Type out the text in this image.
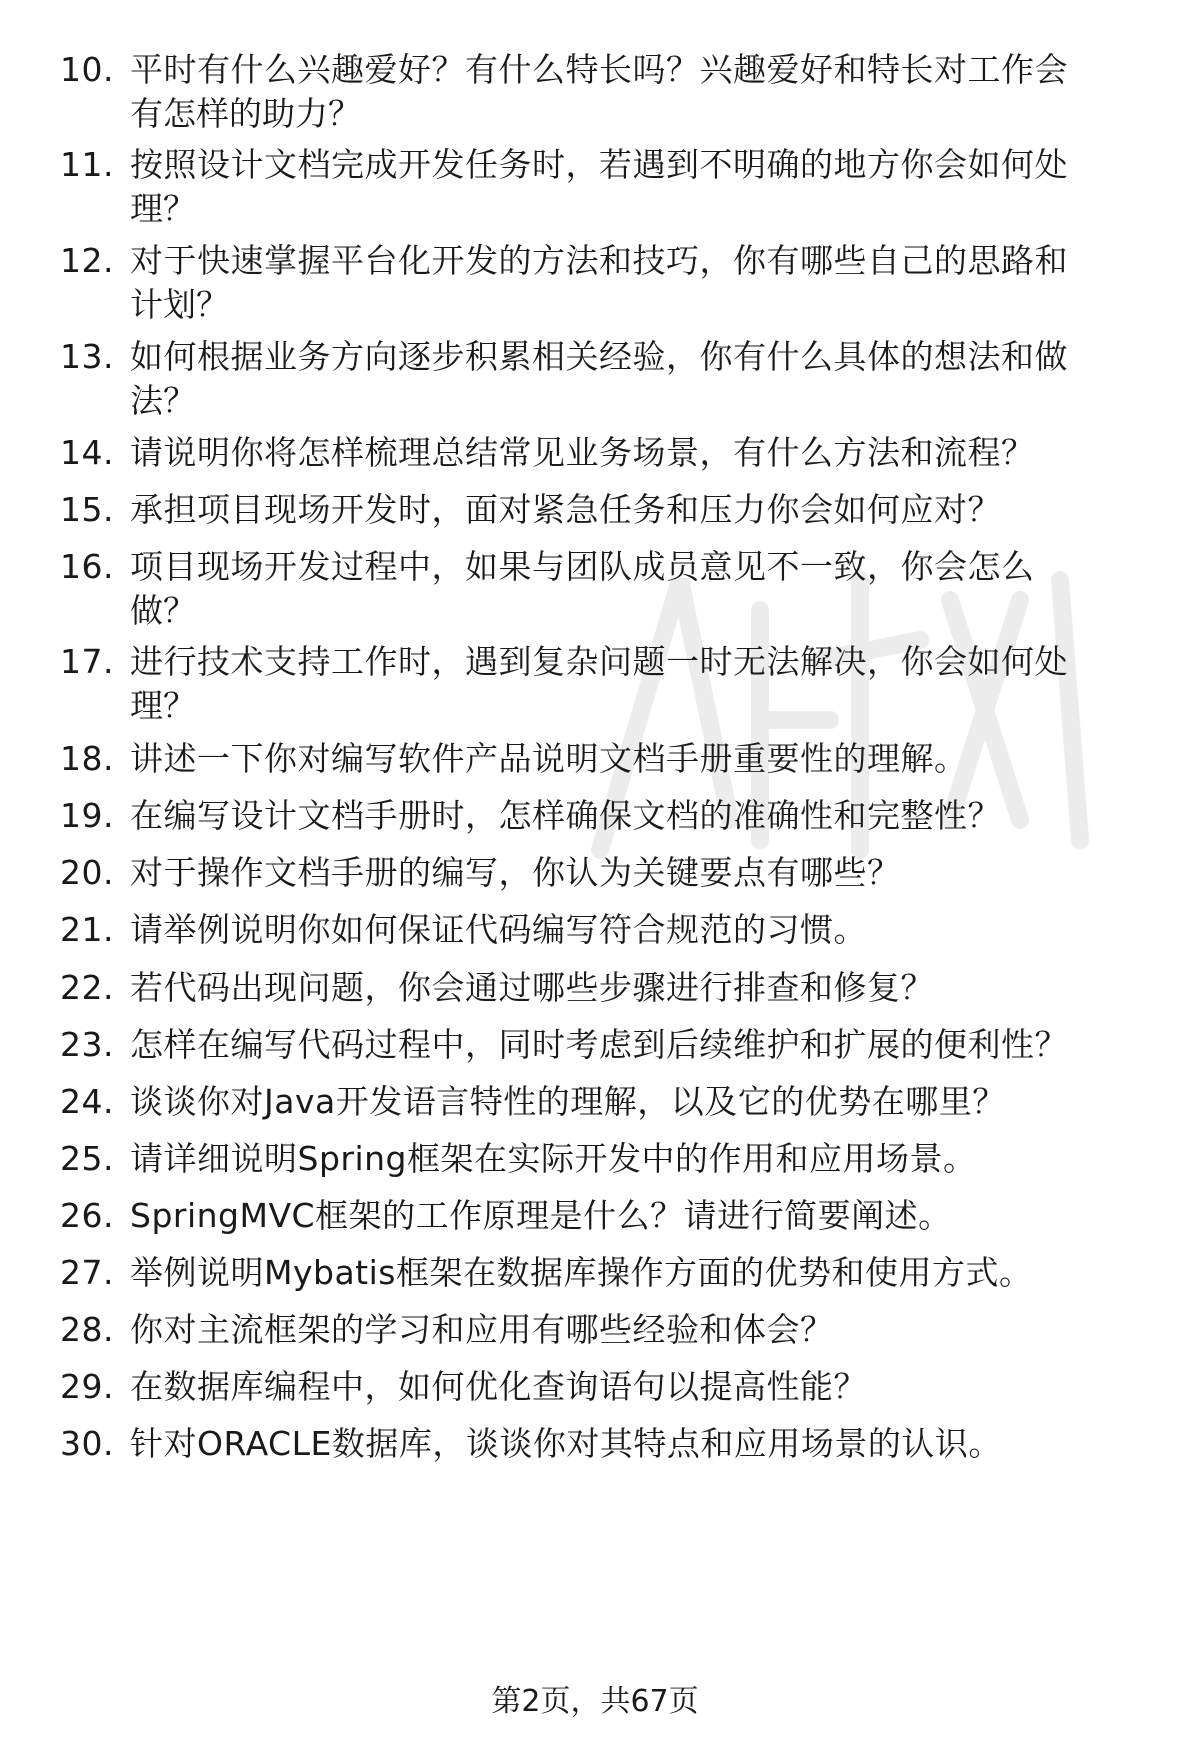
10. 平时有什么兴趣爱好？有什么特长吗？兴趣爱好和特长对工作会
有怎样的助力？
11. 按照设计文档完成开发任务时，若遇到不明确的地方你会如何处
理？
12. 对于快速掌握平台化开发的方法和技巧，你有哪些自己的思路和
计划？
13. 如何根据业务方向逐步积累相关经验，你有什么具体的想法和做
法？
14. 请说明你将怎样梳理总结常见业务场景，有什么方法和流程？
15. 承担项目现场开发时，面对紧急任务和压力你会如何应对？
16. 项目现场开发过程中，如果与团队成员意见不一致，你会怎么
做？
17. 进行技术支持工作时，遇到复杂问题一时无法解决，你会如何处
理？
18. 讲述一下你对编写软件产品说明文档手册重要性的理解。
19. 在编写设计文档手册时，怎样确保文档的准确性和完整性？
20. 对于操作文档手册的编写，你认为关键要点有哪些？
21. 请举例说明你如何保证代码编写符合规范的习惯。
22. 若代码出现问题，你会通过哪些步骤进行排查和修复？
23. 怎样在编写代码过程中，同时考虑到后续维护和扩展的便利性？
24. 谈谈你对Java开发语言特性的理解，以及它的优势在哪里？
25. 请详细说明Spring框架在实际开发中的作用和应用场景。
26. SpringMVC框架的工作原理是什么？请进行简要阐述。
27. 举例说明Mybatis框架在数据库操作方面的优势和使用方式。
28. 你对主流框架的学习和应用有哪些经验和体会？
29. 在数据库编程中，如何优化查询语句以提高性能？
30. 针对ORACLE数据库，谈谈你对其特点和应用场景的认识。
第2页，共67页
